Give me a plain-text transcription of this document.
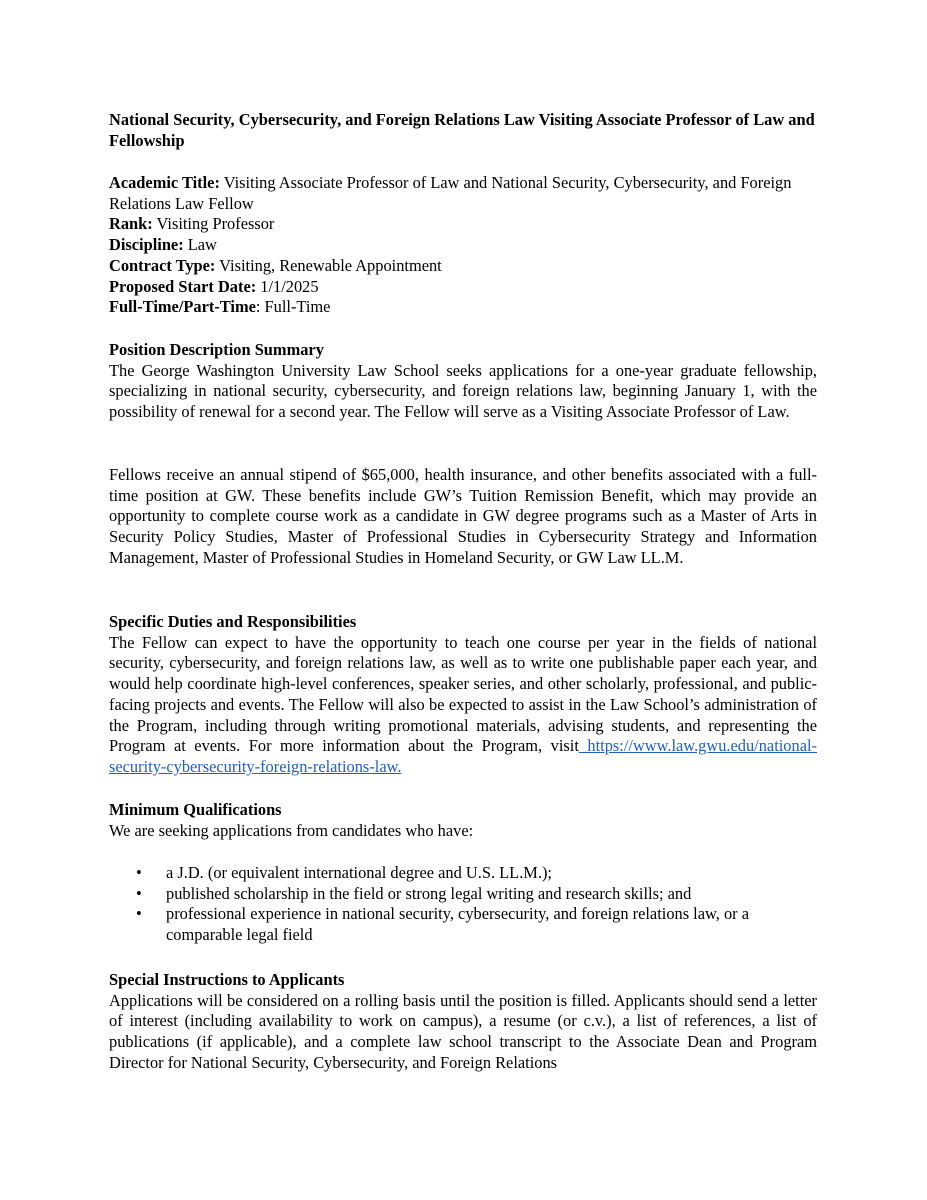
National Security, Cybersecurity, and Foreign Relations Law Visiting Associate Professor of Law and Fellowship

Academic Title: Visiting Associate Professor of Law and National Security, Cybersecurity, and Foreign Relations Law Fellow
Rank: Visiting Professor
Discipline: Law
Contract Type: Visiting, Renewable Appointment
Proposed Start Date: 1/1/2025
Full-Time/Part-Time: Full-Time
Position Description Summary

The George Washington University Law School seeks applications for a one-year graduate fellowship, specializing in national security, cybersecurity, and foreign relations law, beginning January 1, with the possibility of renewal for a second year. The Fellow will serve as a Visiting Associate Professor of Law.

Fellows receive an annual stipend of $65,000, health insurance, and other benefits associated with a full-time position at GW. These benefits include GW’s Tuition Remission Benefit, which may provide an opportunity to complete course work as a candidate in GW degree programs such as a Master of Arts in Security Policy Studies, Master of Professional Studies in Cybersecurity Strategy and Information Management, Master of Professional Studies in Homeland Security, or GW Law LL.M.

Specific Duties and Responsibilities

The Fellow can expect to have the opportunity to teach one course per year in the fields of national security, cybersecurity, and foreign relations law, as well as to write one publishable paper each year, and would help coordinate high-level conferences, speaker series, and other scholarly, professional, and public-facing projects and events. The Fellow will also be expected to assist in the Law School’s administration of the Program, including through writing promotional materials, advising students, and representing the Program at events. For more information about the Program, visit https://www.law.gwu.edu/national-security-cybersecurity-foreign-relations-law.

Minimum Qualifications
We are seeking applications from candidates who have:
• a J.D. (or equivalent international degree and U.S. LL.M.);
• published scholarship in the field or strong legal writing and research skills; and
• professional experience in national security, cybersecurity, and foreign relations law, or a comparable legal field
Special Instructions to Applicants

Applications will be considered on a rolling basis until the position is filled. Applicants should send a letter of interest (including availability to work on campus), a resume (or c.v.), a list of references, a list of publications (if applicable), and a complete law school transcript to the Associate Dean and Program Director for National Security, Cybersecurity, and Foreign Relations
